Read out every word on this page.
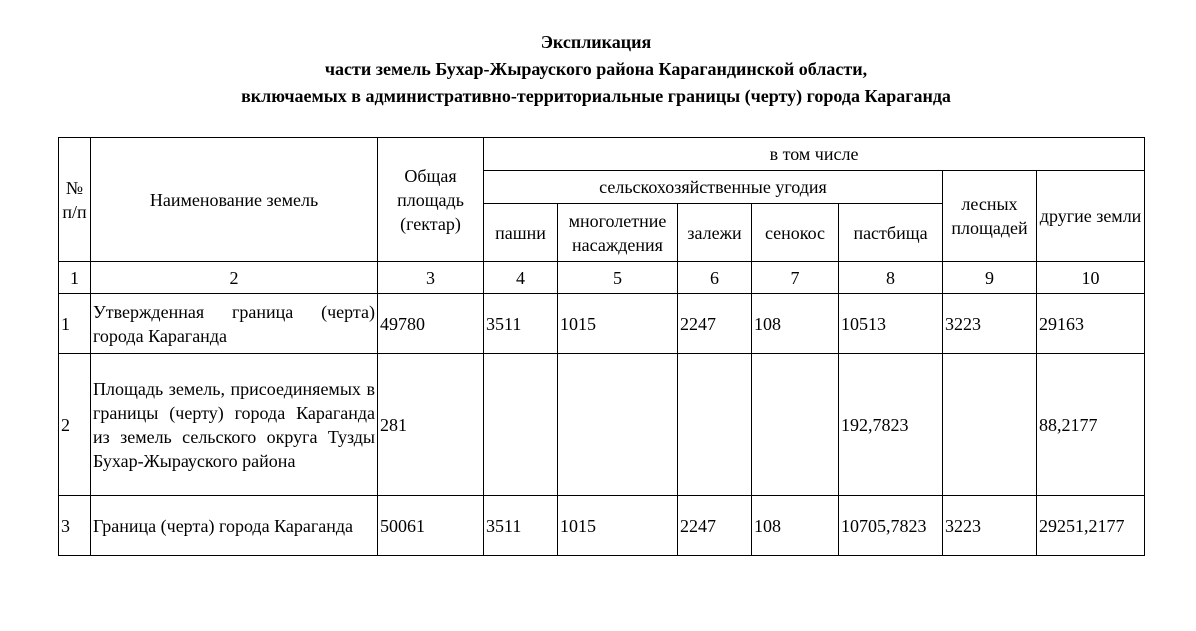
Экспликация
части земель Бухар-Жырауского района Карагандинской области,
включаемых в административно-территориальные границы (черту) города Караганда
№ п/п	Наименование земель	Общая площадь (гектар)	в том числе						
			сельскохозяйственные угодия					лесных площадей	другие земли
			пашни	многолетние насаждения	залежи	сенокос	пастбища		
1	2	3	4	5	6	7	8	9	10
1	Утвержденная граница (черта) города Караганда	49780	3511	1015	2247	108	10513	3223	29163
2	Площадь земель, присоединяемых в границы (черту) города Караганда из земель сельского округа Тузды Бухар-Жырауского района	281					192,7823		88,2177
3	Граница (черта) города Караганда	50061	3511	1015	2247	108	10705,7823	3223	29251,2177
